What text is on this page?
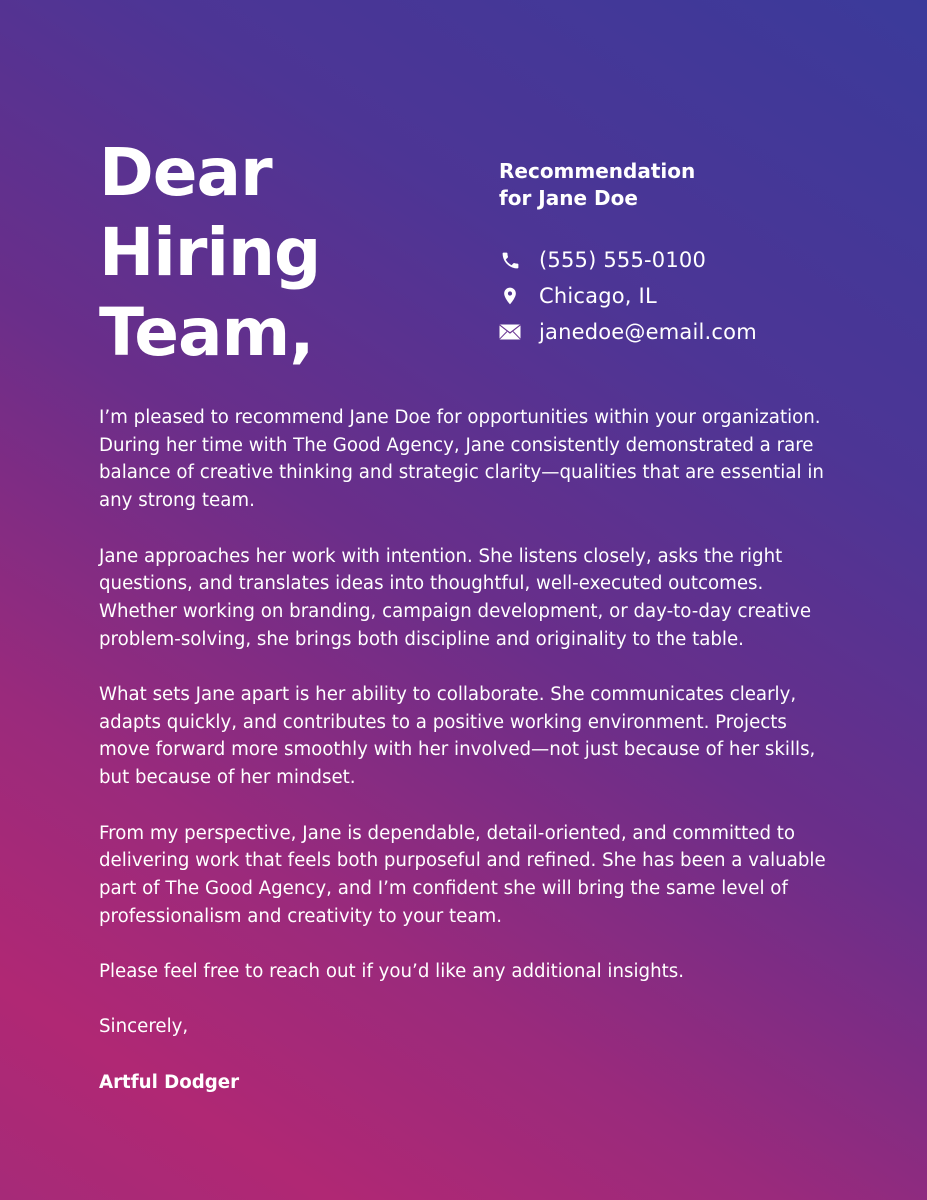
Dear
Hiring
Team,
Recommendation
for Jane Doe
(555) 555-0100
Chicago, IL
janedoe@email.com

I’m pleased to recommend Jane Doe for opportunities within your organization. During her time with The Good Agency, Jane consistently demonstrated a rare balance of creative thinking and strategic clarity—qualities that are essential in any strong team.

Jane approaches her work with intention. She listens closely, asks the right questions, and translates ideas into thoughtful, well-executed outcomes. Whether working on branding, campaign development, or day-to-day creative problem-solving, she brings both discipline and originality to the table.

What sets Jane apart is her ability to collaborate. She communicates clearly, adapts quickly, and contributes to a positive working environment. Projects move forward more smoothly with her involved—not just because of her skills, but because of her mindset.

From my perspective, Jane is dependable, detail-oriented, and committed to delivering work that feels both purposeful and refined. She has been a valuable part of The Good Agency, and I’m confident she will bring the same level of professionalism and creativity to your team.

Please feel free to reach out if you’d like any additional insights.

Sincerely,

Artful Dodger
